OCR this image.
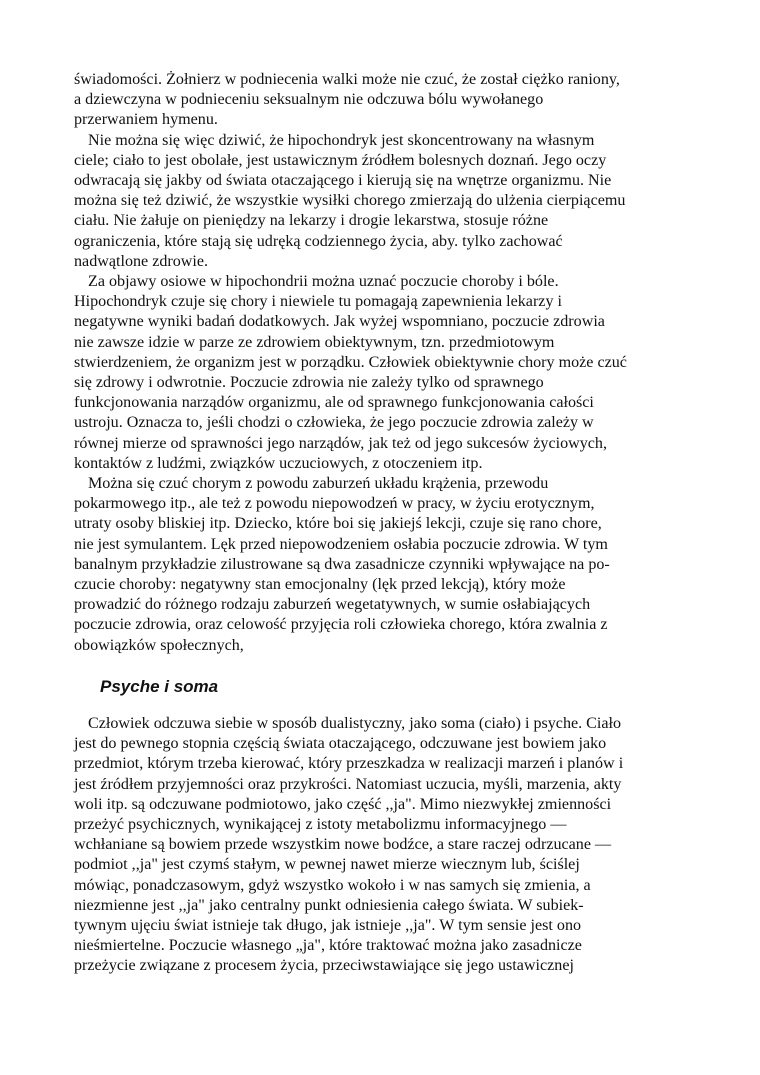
świadomości. Żołnierz w podniecenia walki może nie czuć, że został ciężko raniony,
a dziewczyna w podnieceniu seksualnym nie odczuwa bólu wywołanego
przerwaniem hymenu.

Nie można się więc dziwić, że hipochondryk jest skoncentrowany na własnym
ciele; ciało to jest obolałe, jest ustawicznym źródłem bolesnych doznań. Jego oczy
odwracają się jakby od świata otaczającego i kierują się na wnętrze organizmu. Nie
można się też dziwić, że wszystkie wysiłki chorego zmierzają do ulżenia cierpiącemu
ciału. Nie żałuje on pieniędzy na lekarzy i drogie lekarstwa, stosuje różne
ograniczenia, które stają się udręką codziennego życia, aby. tylko zachować
nadwątlone zdrowie.

Za objawy osiowe w hipochondrii można uznać poczucie choroby i bóle.
Hipochondryk czuje się chory i niewiele tu pomagają zapewnienia lekarzy i
negatywne wyniki badań dodatkowych. Jak wyżej wspomniano, poczucie zdrowia
nie zawsze idzie w parze ze zdrowiem obiektywnym, tzn. przedmiotowym
stwierdzeniem, że organizm jest w porządku. Człowiek obiektywnie chory może czuć
się zdrowy i odwrotnie. Poczucie zdrowia nie zależy tylko od sprawnego
funkcjonowania narządów organizmu, ale od sprawnego funkcjonowania całości
ustroju. Oznacza to, jeśli chodzi o człowieka, że jego poczucie zdrowia zależy w
równej mierze od sprawności jego narządów, jak też od jego sukcesów życiowych,
kontaktów z ludźmi, związków uczuciowych, z otoczeniem itp.

Można się czuć chorym z powodu zaburzeń układu krążenia, przewodu
pokarmowego itp., ale też z powodu niepowodzeń w pracy, w życiu erotycznym,
utraty osoby bliskiej itp. Dziecko, które boi się jakiejś lekcji, czuje się rano chore,
nie jest symulantem. Lęk przed niepowodzeniem osłabia poczucie zdrowia. W tym
banalnym przykładzie zilustrowane są dwa zasadnicze czynniki wpływające na po-
czucie choroby: negatywny stan emocjonalny (lęk przed lekcją), który może
prowadzić do różnego rodzaju zaburzeń wegetatywnych, w sumie osłabiających
poczucie zdrowia, oraz celowość przyjęcia roli człowieka chorego, która zwalnia z
obowiązków społecznych,

Psyche i soma

Człowiek odczuwa siebie w sposób dualistyczny, jako soma (ciało) i psyche. Ciało
jest do pewnego stopnia częścią świata otaczającego, odczuwane jest bowiem jako
przedmiot, którym trzeba kierować, który przeszkadza w realizacji marzeń i planów i
jest źródłem przyjemności oraz przykrości. Natomiast uczucia, myśli, marzenia, akty
woli itp. są odczuwane podmiotowo, jako część ,,ja". Mimo niezwykłej zmienności
przeżyć psychicznych, wynikającej z istoty metabolizmu informacyjnego —
wchłaniane są bowiem przede wszystkim nowe bodźce, a stare raczej odrzucane —
podmiot ,,ja" jest czymś stałym, w pewnej nawet mierze wiecznym lub, ściślej
mówiąc, ponadczasowym, gdyż wszystko wokoło i w nas samych się zmienia, a
niezmienne jest ,,ja" jako centralny punkt odniesienia całego świata. W subiek-
tywnym ujęciu świat istnieje tak długo, jak istnieje ,,ja". W tym sensie jest ono
nieśmiertelne. Poczucie własnego „ja", które traktować można jako zasadnicze
przeżycie związane z procesem życia, przeciwstawiające się jego ustawicznej
